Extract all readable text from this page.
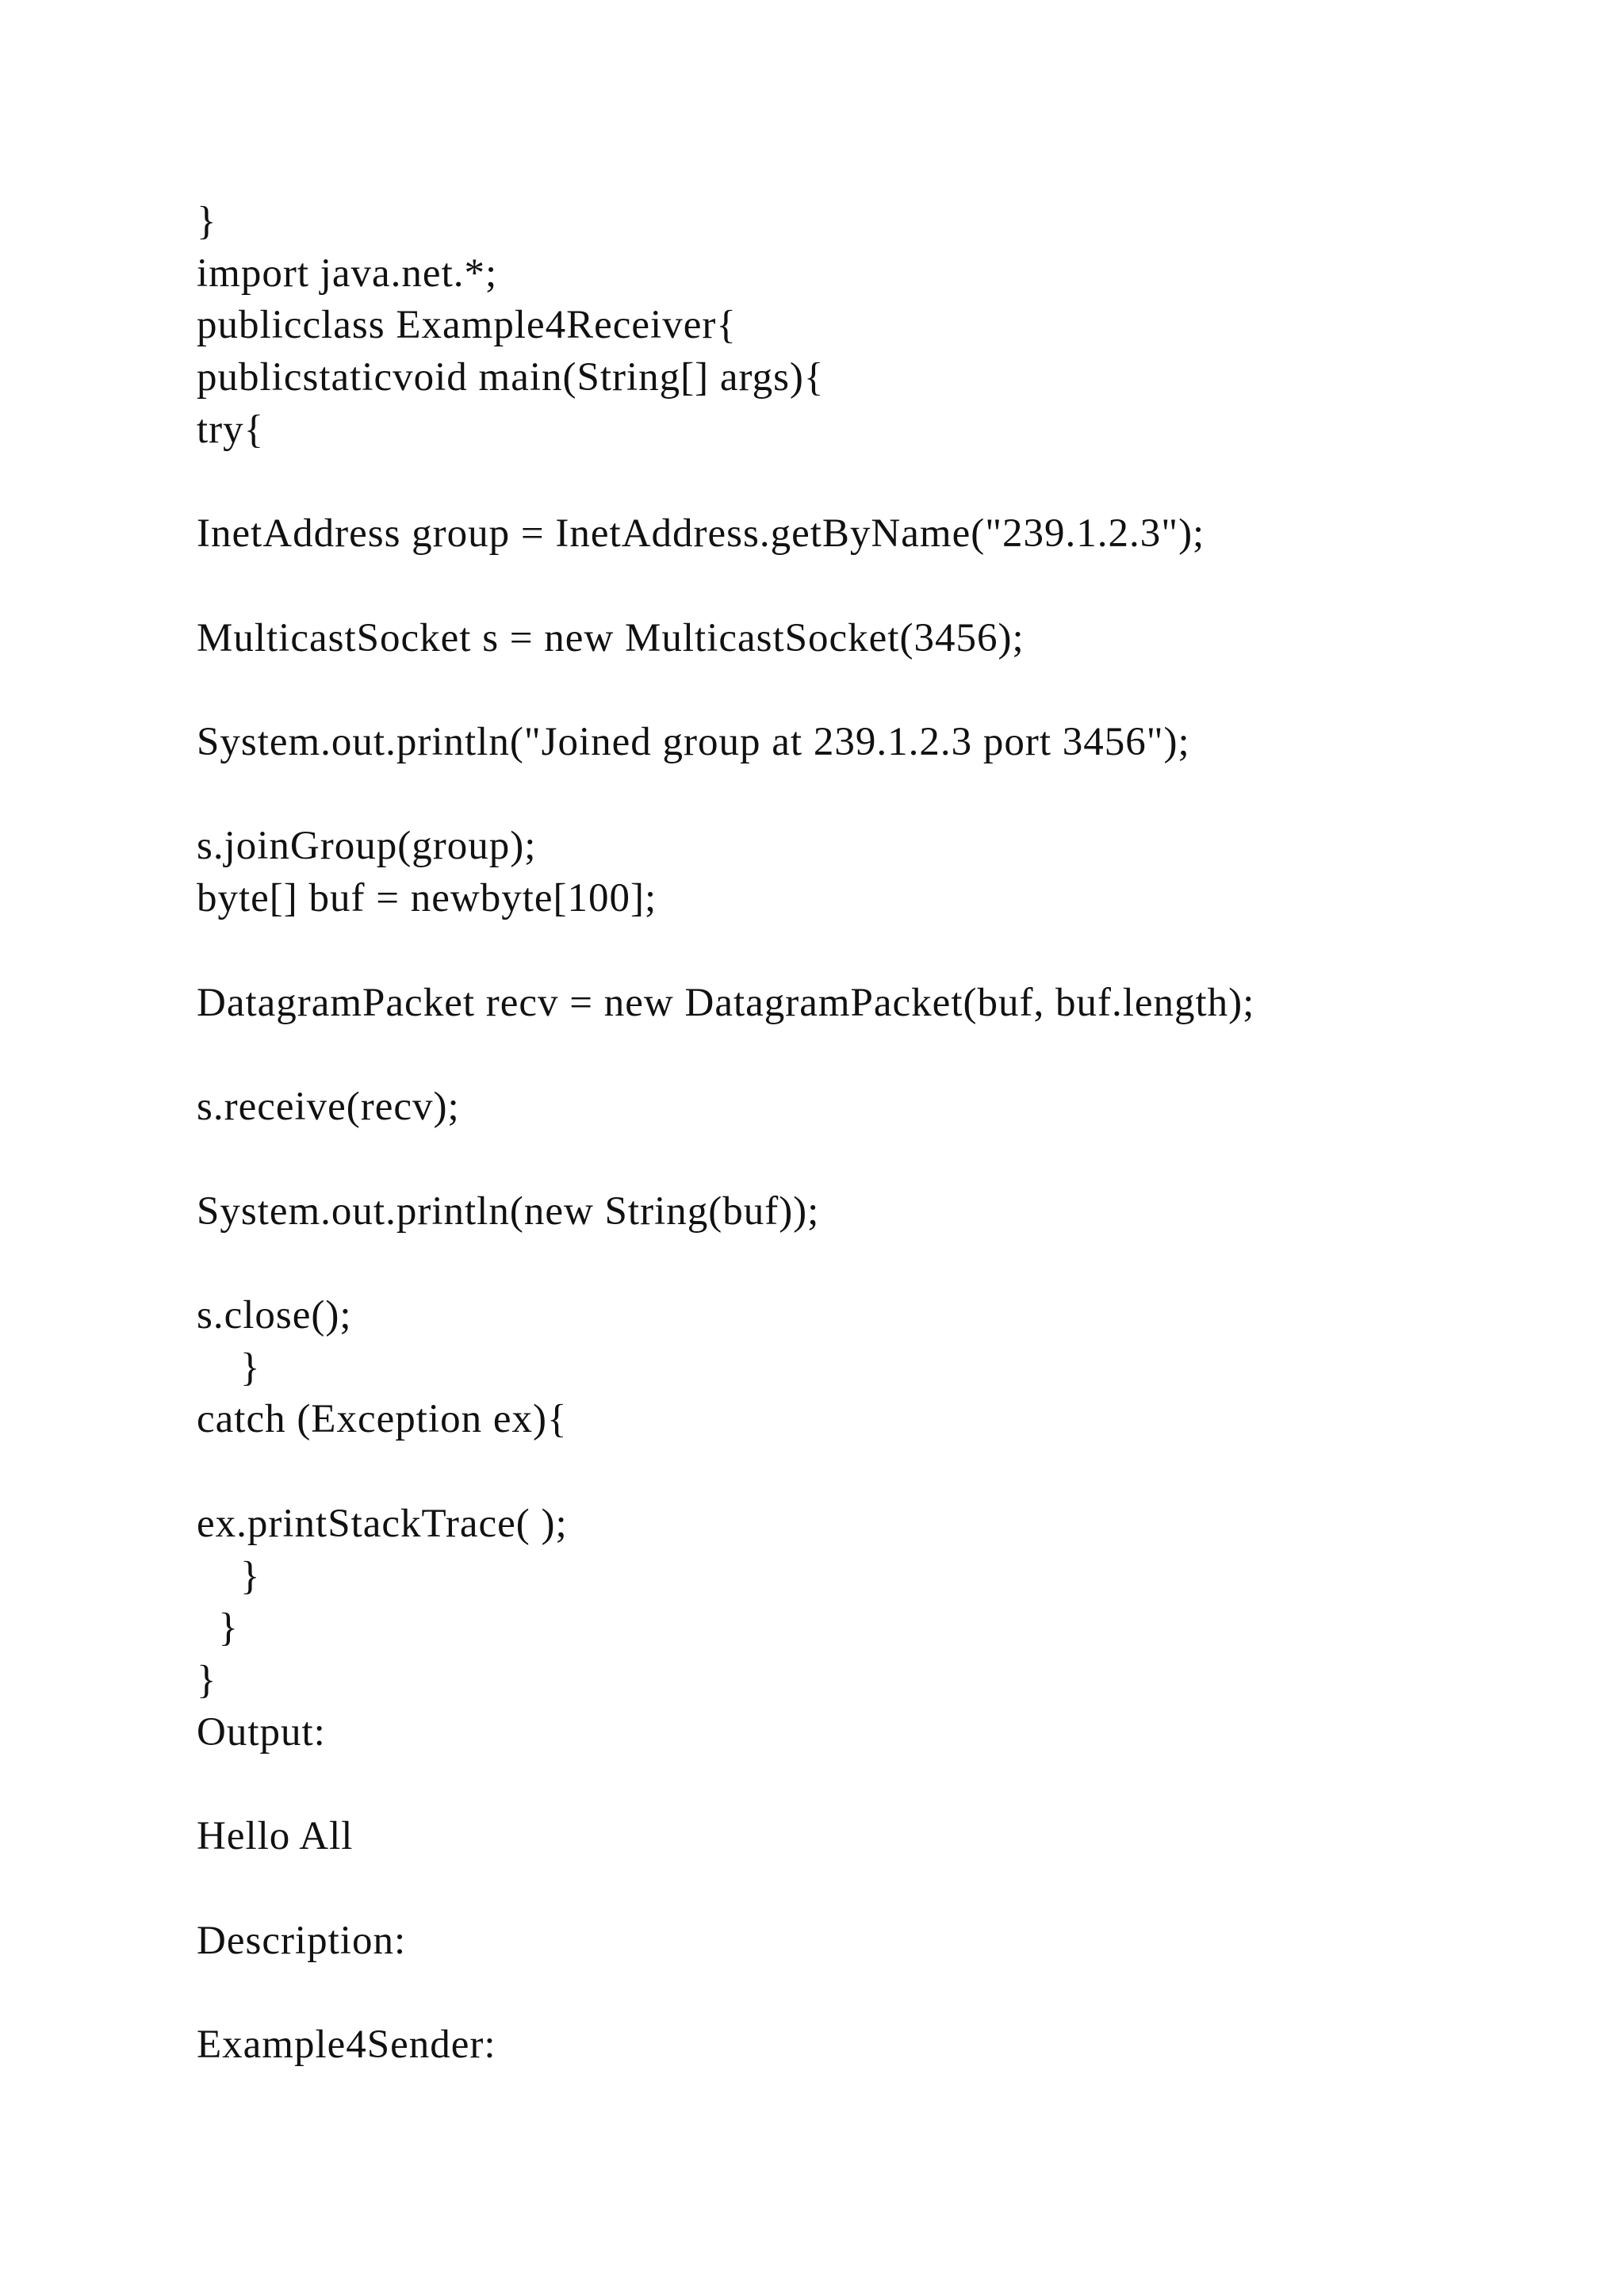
}
import java.net.*;
publicclass Example4Receiver{
publicstaticvoid main(String[] args){
try{
InetAddress group = InetAddress.getByName("239.1.2.3");
MulticastSocket s = new MulticastSocket(3456);
System.out.println("Joined group at 239.1.2.3 port 3456");
s.joinGroup(group);
byte[] buf = newbyte[100];
DatagramPacket recv = new DatagramPacket(buf, buf.length);
s.receive(recv);
System.out.println(new String(buf));
s.close();
}
catch (Exception ex){
ex.printStackTrace( );
}
}
}
Output:
Hello All
Description:
Example4Sender:
